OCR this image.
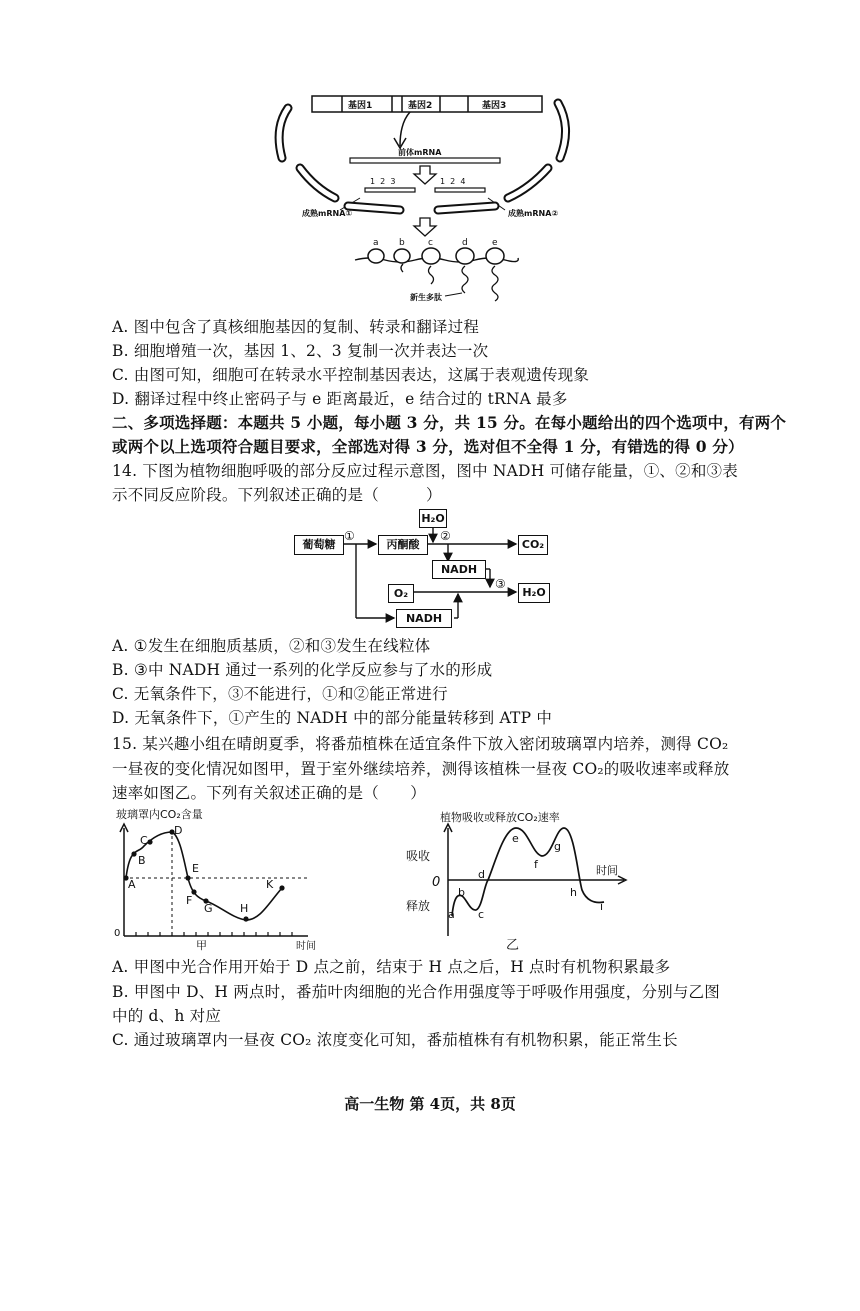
基因1	基因2	基因3
前体mRNA
1  2  3	1  2  4
成熟mRNA①	成熟mRNA②
a b	c	d	e
新生多肽
A. 图中包含了真核细胞基因的复制、转录和翻译过程
B. 细胞增殖一次，基因 1、2、3 复制一次并表达一次
C. 由图可知，细胞可在转录水平控制基因表达，这属于表观遗传现象
D. 翻译过程中终止密码子与 e 距离最近，e 结合过的 tRNA 最多
二、多项选择题：本题共 5 小题，每小题 3 分，共 15 分。在每小题给出的四个选项中，有两个
或两个以上选项符合题目要求，全部选对得 3 分，选对但不全得 1 分，有错选的得 0 分）
14. 下图为植物细胞呼吸的部分反应过程示意图，图中 NADH 可储存能量，①、②和③表
示不同反应阶段。下列叙述正确的是（　　　）
①	②
③
葡萄糖	丙酮酸
H₂O
CO₂
NADH
O₂	H₂O
NADH
A. ①发生在细胞质基质，②和③发生在线粒体
B. ③中 NADH 通过一系列的化学反应参与了水的形成
C. 无氧条件下，③不能进行，①和②能正常进行
D. 无氧条件下，①产生的 NADH 中的部分能量转移到 ATP 中
15. 某兴趣小组在晴朗夏季，将番茄植株在适宜条件下放入密闭玻璃罩内培养，测得 CO₂
一昼夜的变化情况如图甲，置于室外继续培养，测得该植株一昼夜 CO₂的吸收速率或释放
速率如图乙。下列有关叙述正确的是（　　）
玻璃罩内CO₂含量
0
A
B
C
D
E
F
G H
K
甲	时间
植物吸收或释放CO₂速率
时间
吸收
释放
0
a
b
c
d
e
f
g
h
i
乙
A. 甲图中光合作用开始于 D 点之前，结束于 H 点之后，H 点时有机物积累最多
B. 甲图中 D、H 两点时，番茄叶肉细胞的光合作用强度等于呼吸作用强度，分别与乙图
中的 d、h 对应
C. 通过玻璃罩内一昼夜 CO₂ 浓度变化可知，番茄植株有有机物积累，能正常生长
高一生物 第 4页，共 8页
